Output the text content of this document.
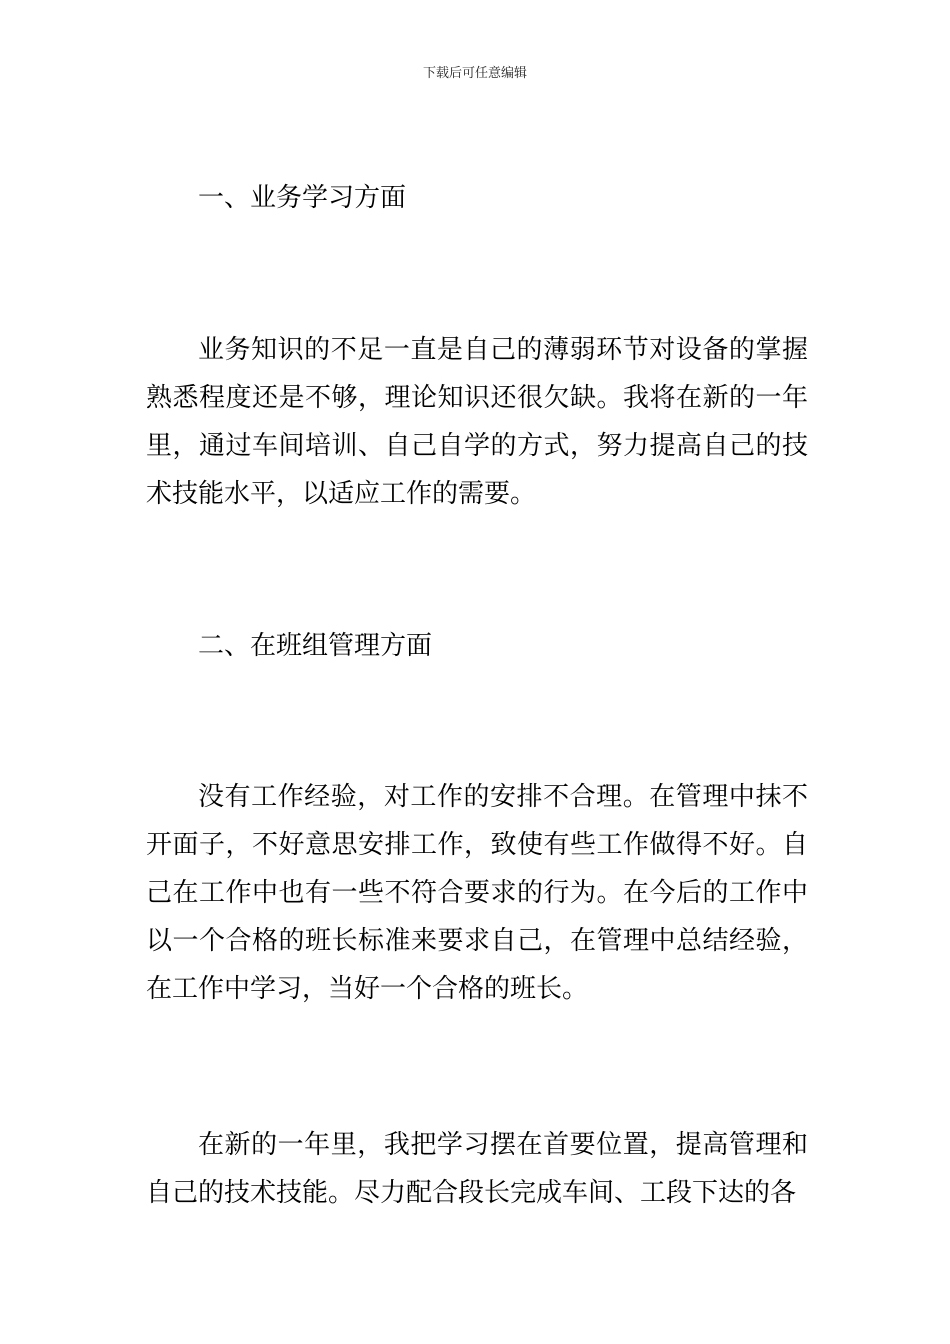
下载后可任意编辑

一、业务学习方面

业务知识的不足一直是自己的薄弱环节对设备的掌握熟悉程度还是不够，理论知识还很欠缺。我将在新的一年里，通过车间培训、自己自学的方式，努力提高自己的技术技能水平，以适应工作的需要。

二、在班组管理方面

没有工作经验，对工作的安排不合理。在管理中抹不开面子，不好意思安排工作，致使有些工作做得不好。自己在工作中也有一些不符合要求的行为。在今后的工作中以一个合格的班长标准来要求自己，在管理中总结经验，在工作中学习，当好一个合格的班长。

在新的一年里，我把学习摆在首要位置，提高管理和自己的技术技能。尽力配合段长完成车间、工段下达的各
